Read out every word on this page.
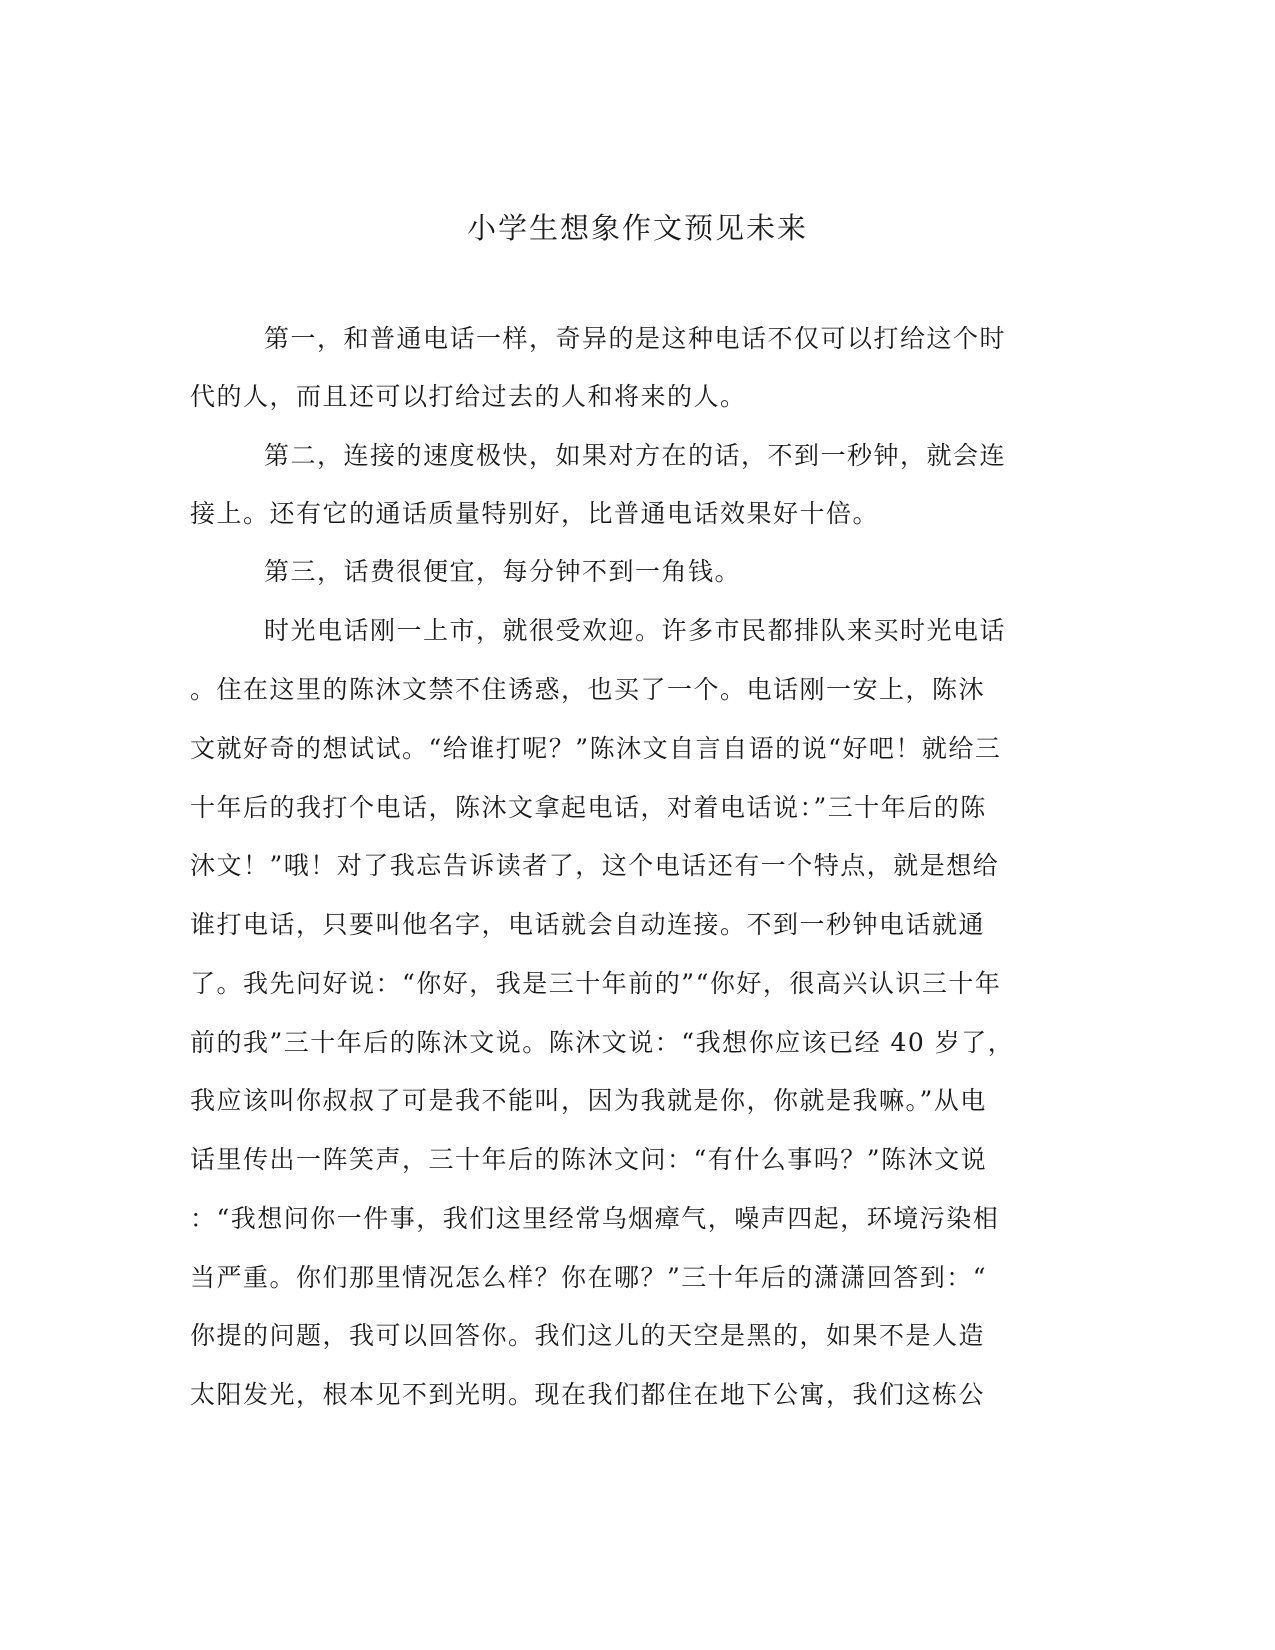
小学生想象作文预见未来

第一，和普通电话一样，奇异的是这种电话不仅可以打给这个时

代的人，而且还可以打给过去的人和将来的人。

第二，连接的速度极快，如果对方在的话，不到一秒钟，就会连

接上。还有它的通话质量特别好，比普通电话效果好十倍。

第三，话费很便宜，每分钟不到一角钱。

时光电话刚一上市，就很受欢迎。许多市民都排队来买时光电话

。住在这里的陈沐文禁不住诱惑，也买了一个。电话刚一安上，陈沐

文就好奇的想试试。“给谁打呢？”陈沐文自言自语的说“好吧！就给三

十年后的我打个电话，陈沐文拿起电话，对着电话说：”三十年后的陈

沐文！”哦！对了我忘告诉读者了，这个电话还有一个特点，就是想给

谁打电话，只要叫他名字，电话就会自动连接。不到一秒钟电话就通

了。我先问好说：“你好，我是三十年前的”“你好，很高兴认识三十年

前的我”三十年后的陈沐文说。陈沐文说：“我想你应该已经 40 岁了，

我应该叫你叔叔了可是我不能叫，因为我就是你，你就是我嘛。”从电

话里传出一阵笑声，三十年后的陈沐文问：“有什么事吗？”陈沐文说

：“我想问你一件事，我们这里经常乌烟瘴气，噪声四起，环境污染相

当严重。你们那里情况怎么样？你在哪？”三十年后的潇潇回答到：“

你提的问题，我可以回答你。我们这儿的天空是黑的，如果不是人造

太阳发光，根本见不到光明。现在我们都住在地下公寓，我们这栋公
